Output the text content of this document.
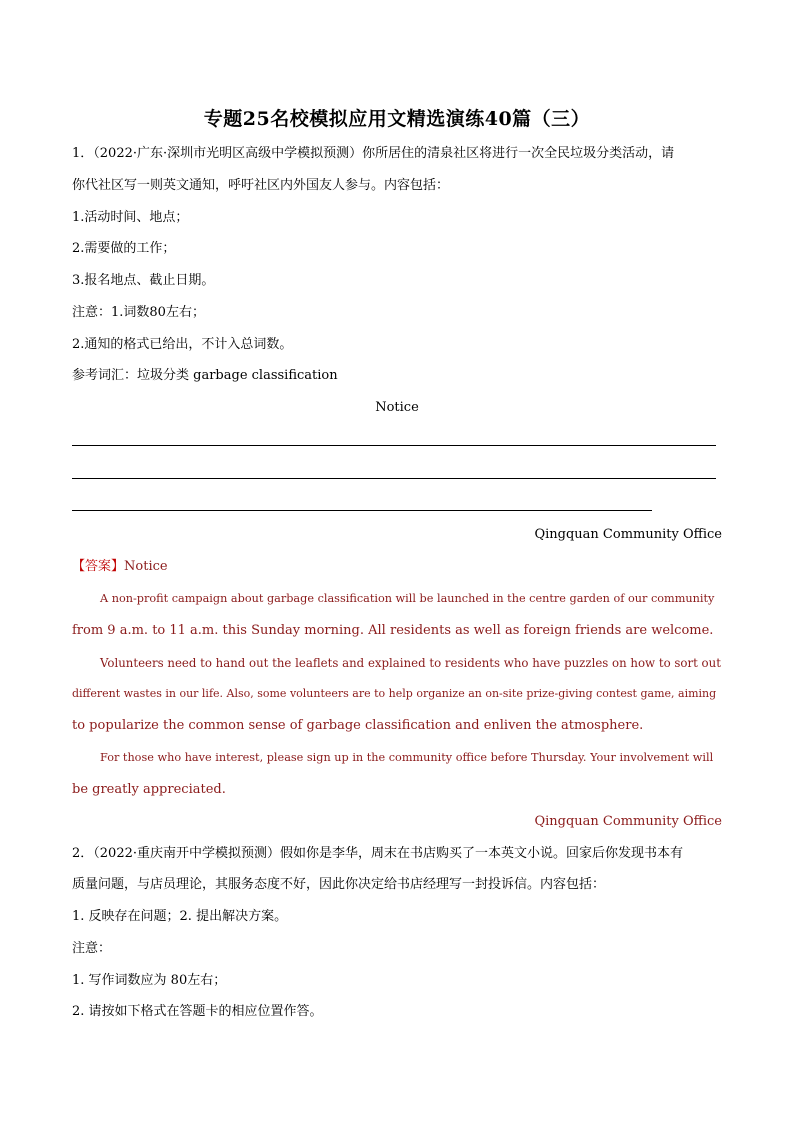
专题25名校模拟应用文精选演练40篇（三）
1．（2022·广东·深圳市光明区高级中学模拟预测）你所居住的清泉社区将进行一次全民垃圾分类活动，请
你代社区写一则英文通知，呼吁社区内外国友人参与。内容包括：
1.活动时间、地点；
2.需要做的工作；
3.报名地点、截止日期。
注意：1.词数80左右；
2.通知的格式已给出，不计入总词数。
参考词汇：垃圾分类 garbage classification
Notice
Qingquan Community Office
【答案】Notice
A non-profit campaign about garbage classification will be launched in the centre garden of our community
from 9 a.m. to 11 a.m. this Sunday morning. All residents as well as foreign friends are welcome.
Volunteers need to hand out the leaflets and explained to residents who have puzzles on how to sort out
different wastes in our life. Also, some volunteers are to help organize an on-site prize-giving contest game, aiming
to popularize the common sense of garbage classification and enliven the atmosphere.
For those who have interest, please sign up in the community office before Thursday. Your involvement will
be greatly appreciated.
Qingquan Community Office
2．（2022·重庆南开中学模拟预测）假如你是李华，周末在书店购买了一本英文小说。回家后你发现书本有
质量问题，与店员理论，其服务态度不好，因此你决定给书店经理写一封投诉信。内容包括：
1. 反映存在问题；2. 提出解决方案。
注意：
1. 写作词数应为 80左右；
2. 请按如下格式在答题卡的相应位置作答。
